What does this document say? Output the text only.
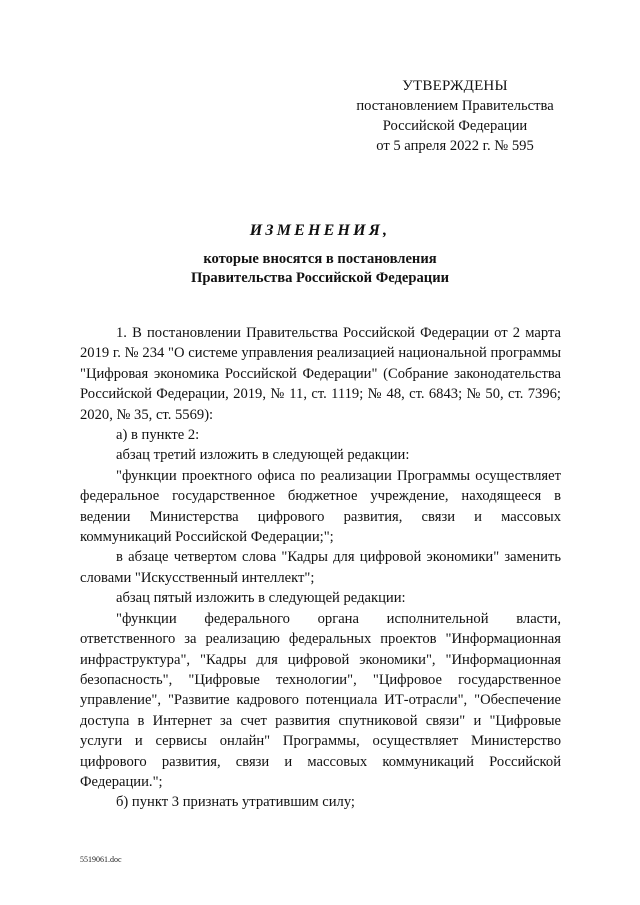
УТВЕРЖДЕНЫ
постановлением Правительства
Российской Федерации
от 5 апреля 2022 г. № 595
ИЗМЕНЕНИЯ,
которые вносятся в постановления
Правительства Российской Федерации

1. В постановлении Правительства Российской Федерации от 2 марта 2019 г. № 234 "О системе управления реализацией национальной программы "Цифровая экономика Российской Федерации" (Собрание законодательства Российской Федерации, 2019, № 11, ст. 1119; № 48, ст. 6843; № 50, ст. 7396; 2020, № 35, ст. 5569):

а) в пункте 2:

абзац третий изложить в следующей редакции:

"функции проектного офиса по реализации Программы осуществляет федеральное государственное бюджетное учреждение, находящееся в ведении Министерства цифрового развития, связи и массовых коммуникаций Российской Федерации;";

в абзаце четвертом слова "Кадры для цифровой экономики" заменить словами "Искусственный интеллект";

абзац пятый изложить в следующей редакции:

"функции федерального органа исполнительной власти, ответственного за реализацию федеральных проектов "Информационная инфраструктура", "Кадры для цифровой экономики", "Информационная безопасность", "Цифровые технологии", "Цифровое государственное управление", "Развитие кадрового потенциала ИТ-отрасли", "Обеспечение доступа в Интернет за счет развития спутниковой связи" и "Цифровые услуги и сервисы онлайн" Программы, осуществляет Министерство цифрового развития, связи и массовых коммуникаций Российской Федерации.";

б) пункт 3 признать утратившим силу;

5519061.doc
